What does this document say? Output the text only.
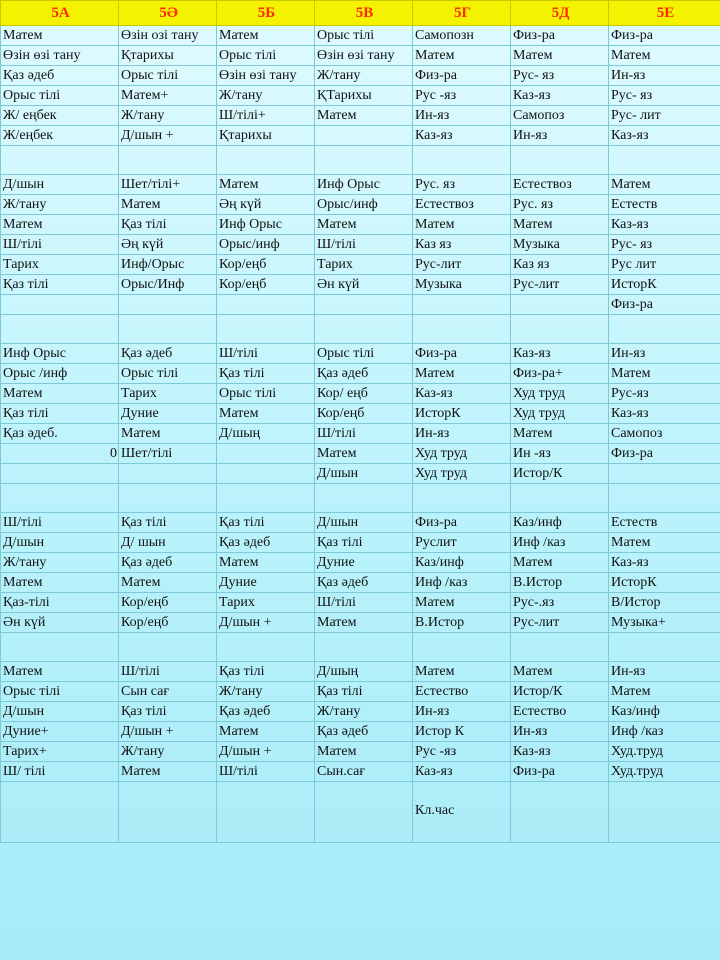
5А	5Ә	5Б	5В	5Г	5Д	5Е
Матем	Өзін озі тану	Матем	Орыс тілі	Самопозн	Физ-ра	Физ-ра
Өзін өзі тану	Қтарихы	Орыс тілі	Өзін өзі тану	Матем	Матем	Матем
Қаз әдеб	Орыс тілі	Өзін өзі тану	Ж/тану	Физ-ра	Рус- яз	Ин-яз
Орыс тілі	Матем+	Ж/тану	ҚТарихы	Рус -яз	Каз-яз	Рус- яз
Ж/ еңбек	Ж/тану	Ш/тілі+	Матем	Ин-яз	Самопоз	Рус- лит
Ж/еңбек	Д/шын +	Қтарихы		Каз-яз	Ин-яз	Каз-яз

Д/шын	Шет/тілі+	Матем	Инф Орыс	Рус. яз	Естествоз	Матем
Ж/тану	Матем	Әң күй	Орыс/инф	Естествоз	Рус. яз	Естеств
Матем	Қаз тілі	Инф Орыс	Матем	Матем	Матем	Каз-яз
Ш/тілі	Әң күй	Орыс/инф	Ш/тілі	Каз яз	Музыка	Рус- яз
Тарих	Инф/Орыс	Кор/еңб	Тарих	Рус-лит	Каз яз	Рус лит
Қаз тілі	Орыс/Инф	Кор/еңб	Ән күй	Музыка	Рус-лит	ИсторК
						Физ-ра

Инф Орыс	Қаз әдеб	Ш/тілі	Орыс тілі	Физ-ра	Каз-яз	Ин-яз
Орыс /инф	Орыс тілі	Қаз тілі	Қаз әдеб	Матем	Физ-ра+	Матем
Матем	Тарих	Орыс тілі	Кор/ еңб	Каз-яз	Худ труд	Рус-яз
Қаз тілі	Дуние	Матем	Кор/еңб	ИсторК	Худ труд	Каз-яз
Қаз әдеб.	Матем	Д/шың	Ш/тілі	Ин-яз	Матем	Самопоз
0	Шет/тілі		Матем	Худ труд	Ин -яз	Физ-ра
			Д/шын	Худ труд	Истор/К	

Ш/тілі	Қаз тілі	Қаз тілі	Д/шын	Физ-ра	Каз/инф	Естеств
Д/шын	Д/ шын	Қаз әдеб	Қаз тілі	Руслит	Инф /каз	Матем
Ж/тану	Қаз әдеб	Матем	Дуние	Каз/инф	Матем	Каз-яз
Матем	Матем	Дуние	Қаз әдеб	Инф /каз	В.Истор	ИсторК
Қаз-тілі	Кор/еңб	Тарих	Ш/тілі	Матем	Рус-.яз	В/Истор
Ән күй	Кор/еңб	Д/шын +	Матем	В.Истор	Рус-лит	Музыка+

Матем	Ш/тілі	Қаз тілі	Д/шың	Матем	Матем	Ин-яз
Орыс тілі	Сын сағ	Ж/тану	Қаз тілі	Естество	Истор/К	Матем
Д/шын	Қаз тілі	Қаз әдеб	Ж/тану	Ин-яз	Естество	Каз/инф
Дуние+	Д/шын +	Матем	Қаз әдеб	Истор К	Ин-яз	Инф /каз
Тарих+	Ж/тану	Д/шын +	Матем	Рус -яз	Каз-яз	Худ.труд
Ш/ тілі	Матем	Ш/тілі	Сын.сағ	Каз-яз	Физ-ра	Худ.труд

				Кл.час		
